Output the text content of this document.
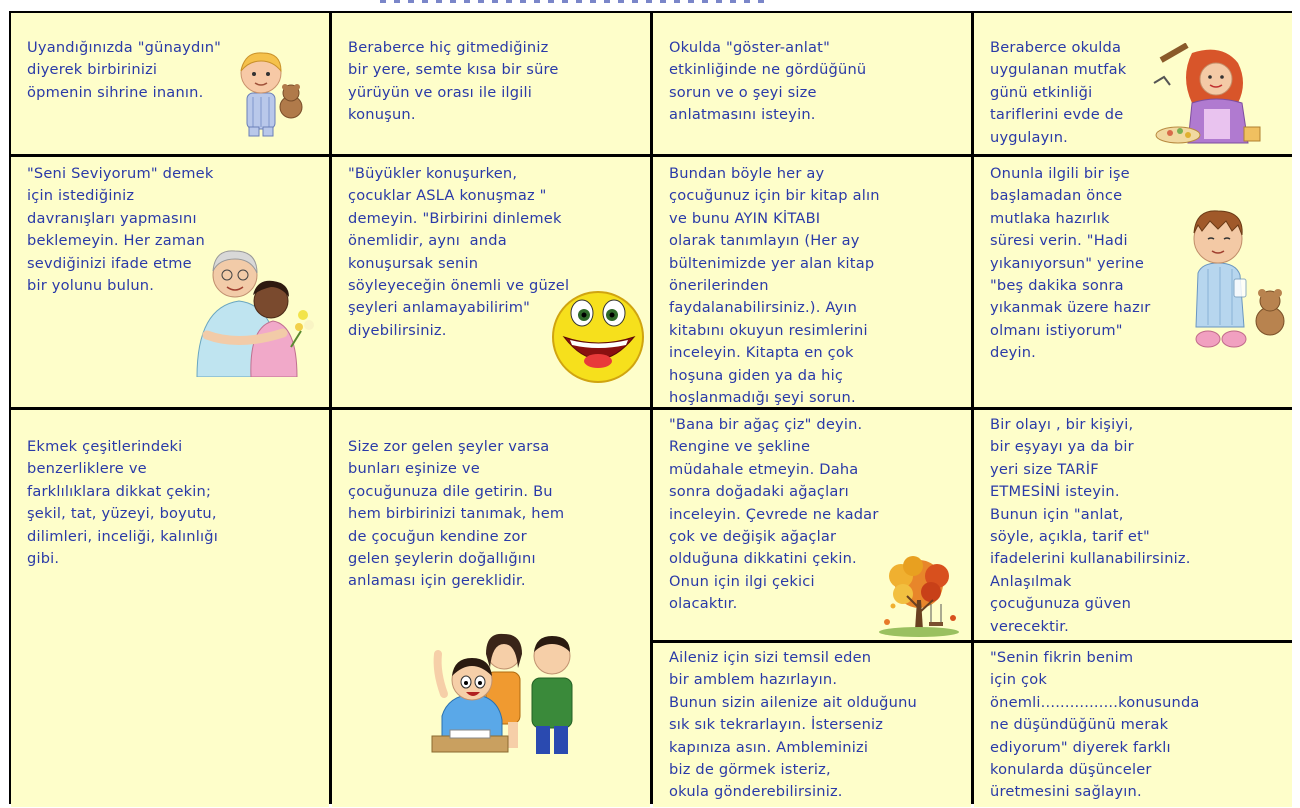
Uyandığınızda "günaydın"
diyerek birbirinizi
öpmenin sihrine inanın.
Beraberce hiç gitmediğiniz
bir yere, semte kısa bir süre
yürüyün ve orası ile ilgili
konuşun.
Okulda "göster-anlat"
etkinliğinde ne gördüğünü
sorun ve o şeyi size
anlatmasını isteyin.
Beraberce okulda
uygulanan mutfak
günü etkinliği
tariflerini evde de
uygulayın.
"Seni Seviyorum" demek
için istediğiniz
davranışları yapmasını
beklemeyin. Her zaman
sevdiğinizi ifade etme
bir yolunu bulun.
"Büyükler konuşurken,
çocuklar ASLA konuşmaz "
demeyin. "Birbirini dinlemek
önemlidir, aynı  anda
konuşursak senin
söyleyeceğin önemli ve güzel
şeyleri anlamayabilirim"
diyebilirsiniz.
Bundan böyle her ay
çocuğunuz için bir kitap alın
ve bunu AYIN KİTABI
olarak tanımlayın (Her ay
bültenimizde yer alan kitap
önerilerinden
faydalanabilirsiniz.). Ayın
kitabını okuyun resimlerini
inceleyin. Kitapta en çok
hoşuna giden ya da hiç
hoşlanmadığı şeyi sorun.
Onunla ilgili bir işe
başlamadan önce
mutlaka hazırlık
süresi verin. "Hadi
yıkanıyorsun" yerine
"beş dakika sonra
yıkanmak üzere hazır
olmanı istiyorum"
deyin.
Ekmek çeşitlerindeki
benzerliklere ve
farklılıklara dikkat çekin;
şekil, tat, yüzeyi, boyutu,
dilimleri, inceliği, kalınlığı
gibi.
Size zor gelen şeyler varsa
bunları eşinize ve
çocuğunuza dile getirin. Bu
hem birbirinizi tanımak, hem
de çocuğun kendine zor
gelen şeylerin doğallığını
anlaması için gereklidir.
"Bana bir ağaç çiz" deyin.
Rengine ve şekline
müdahale etmeyin. Daha
sonra doğadaki ağaçları
inceleyin. Çevrede ne kadar
çok ve değişik ağaçlar
olduğuna dikkatini çekin.
Onun için ilgi çekici
olacaktır.
Bir olayı , bir kişiyi,
bir eşyayı ya da bir
yeri size TARİF
ETMESİNİ isteyin.
Bunun için "anlat,
söyle, açıkla, tarif et"
ifadelerini kullanabilirsiniz.
Anlaşılmak
çocuğunuza güven
verecektir.
Aileniz için sizi temsil eden
bir amblem hazırlayın.
Bunun sizin ailenize ait olduğunu
sık sık tekrarlayın. İsterseniz
kapınıza asın. Ambleminizi
biz de görmek isteriz,
okula gönderebilirsiniz.
"Senin fikrin benim
için çok
önemli................konusunda
ne düşündüğünü merak
ediyorum" diyerek farklı
konularda düşünceler
üretmesini sağlayın.
